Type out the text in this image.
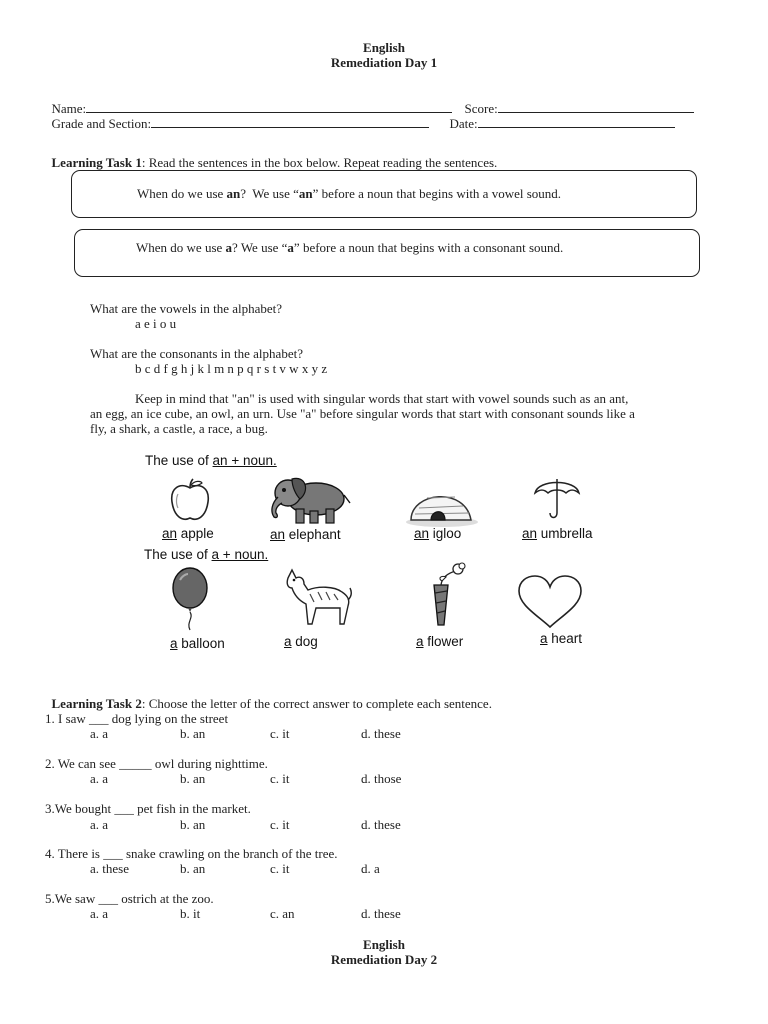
English
Remediation Day 1

Name:	Score:

Grade and Section:	Date:

Learning Task 1: Read the sentences in the box below. Repeat reading the sentences.

When do we use an?  We use “an” before a noun that begins with a vowel sound.
When do we use a? We use “a” before a noun that begins with a consonant sound.
What are the vowels in the alphabet?
a e i o u
What are the consonants in the alphabet?
b c d f g h j k l m n p q r s t v w x y z
Keep in mind that "an" is used with singular words that start with vowel sounds such as an ant,
an egg, an ice cube, an owl, an urn. Use "a" before singular words that start with consonant sounds like a
fly, a shark, a castle, a race, a bug.
The use of an + noun.
The use of a + noun.
an apple	an elephant	an igloo	an umbrella
a balloon	a dog	a flower	a heart

Learning Task 2: Choose the letter of the correct answer to complete each sentence.

1. I saw ___ dog lying on the street
a. a	b. an	c. it	d. these
2. We can see _____ owl during nighttime.
a. a	b. an	c. it	d. those
3.We bought ___ pet fish in the market.
a. a	b. an	c. it	d. these
4. There is ___ snake crawling on the branch of the tree.
a. these	b. an	c. it	d. a
5.We saw ___ ostrich at the zoo.
a. a	b. it	c. an	d. these
English
Remediation Day 2
